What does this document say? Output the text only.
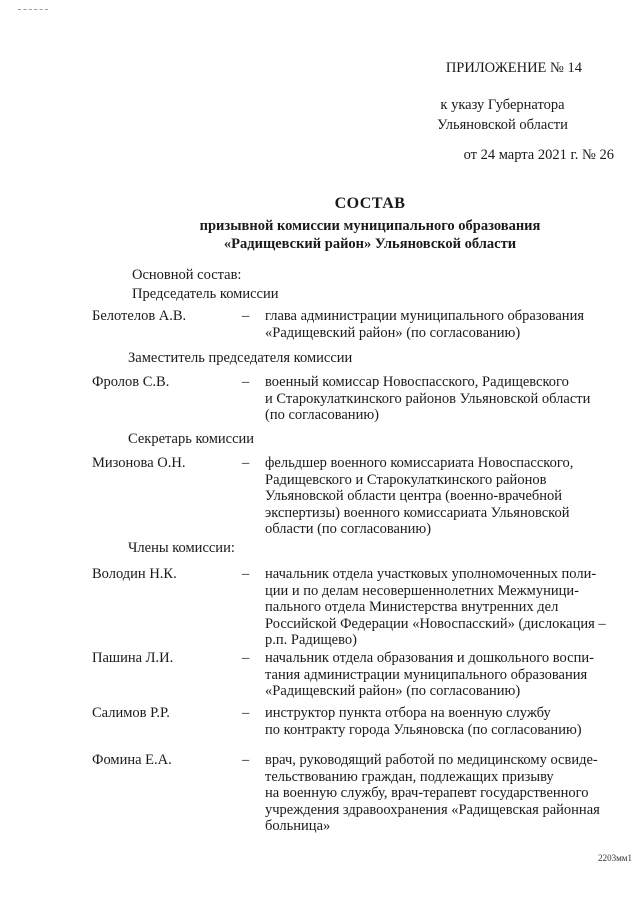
ПРИЛОЖЕНИЕ № 14
к указу Губернатора
Ульяновской области
от 24 марта 2021 г. № 26
СОСТАВ
призывной комиссии муниципального образования
«Радищевский район» Ульяновской области
Основной состав:
Председатель комиссии
Белотелов А.В.	– глава администрации муниципального образования
«Радищевский район» (по согласованию)
Заместитель председателя комиссии
Фролов С.В.	– военный комиссар Новоспасского, Радищевского
и Старокулаткинского районов Ульяновской области
(по согласованию)
Секретарь комиссии
Мизонова О.Н.	– фельдшер военного комиссариата Новоспасского,
Радищевского и Старокулаткинского районов
Ульяновской области центра (военно-врачебной
экспертизы) военного комиссариата Ульяновской
области (по согласованию)
Члены комиссии:
Володин Н.К.	– начальник отдела участковых уполномоченных поли-
ции и по делам несовершеннолетних Межмуници-
пального отдела Министерства внутренних дел
Российской Федерации «Новоспасский» (дислокация –
р.п. Радищево)
Пашина Л.И.	– начальник отдела образования и дошкольного воспи-
тания администрации муниципального образования
«Радищевский район» (по согласованию)
Салимов Р.Р.	– инструктор пункта отбора на военную службу
по контракту города Ульяновска (по согласованию)
Фомина Е.А.	– врач, руководящий работой по медицинскому освиде-
тельствованию граждан, подлежащих призыву
на военную службу, врач-терапевт государственного
учреждения здравоохранения «Радищевская районная
больница»
2203мм1
